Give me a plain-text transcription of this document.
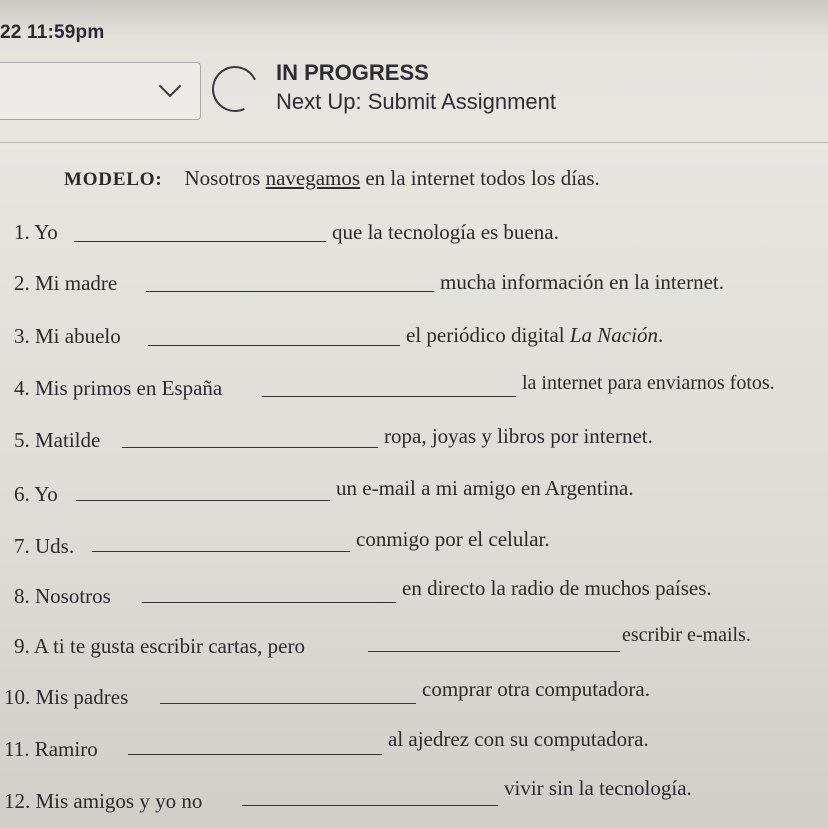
22 11:59pm
IN PROGRESS
Next Up: Submit Assignment
MODELO: Nosotros navegamos en la internet todos los días.
1. Yo	que la tecnología es buena.
2. Mi madre	mucha información en la internet.
3. Mi abuelo	el periódico digital La Nación.
4. Mis primos en España	la internet para enviarnos fotos.
5. Matilde	ropa, joyas y libros por internet.
6. Yo	un e-mail a mi amigo en Argentina.
7. Uds.	conmigo por el celular.
8. Nosotros	en directo la radio de muchos países.
9. A ti te gusta escribir cartas, pero	escribir e-mails.
10. Mis padres	comprar otra computadora.
11. Ramiro	al ajedrez con su computadora.
12. Mis amigos y yo no
vivir sin la tecnología.
